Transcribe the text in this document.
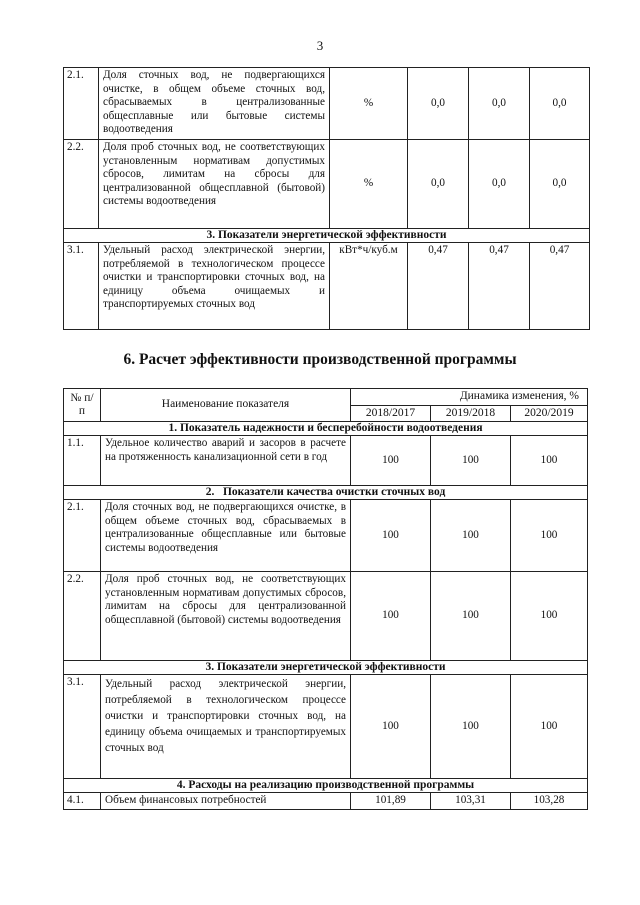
3
2.1.	Доля сточных вод, не подвергающихся очистке, в общем объеме сточных вод, сбрасываемых в централизованные общесплавные или бытовые системы водоотведения	%	0,0	0,0	0,0
2.2.	Доля проб сточных вод, не соответствующих установленным нормативам допустимых сбросов, лимитам на сбросы для централизованной общесплавной (бытовой) системы водоотведения	%	0,0	0,0	0,0
3. Показатели энергетической эффективности					
3.1.	Удельный расход электрической энергии, потребляемой в технологическом процессе очистки и транспортировки сточных вод, на единицу объема очищаемых и транспортируемых сточных вод	кВт*ч/куб.м	0,47	0,47	0,47
6. Расчет эффективности производственной программы
№ п/п	Наименование показателя	Динамика изменения, %		
		2018/2017	2019/2018	2020/2019
1. Показатель надежности и бесперебойности водоотведения				
1.1.	Удельное количество аварий и засоров в расчете на протяженность канализационной сети в год	100	100	100
2.   Показатели качества очистки сточных вод				
2.1.	Доля сточных вод, не подвергающихся очистке, в общем объеме сточных вод, сбрасываемых в централизованные общесплавные или бытовые системы водоотведения	100	100	100
2.2.	Доля проб сточных вод, не соответствующих установленным нормативам допустимых сбросов, лимитам на сбросы для централизованной общесплавной (бытовой) системы водоотведения	100	100	100
3. Показатели энергетической эффективности				
3.1.	Удельный расход электрической энергии, потребляемой в технологическом процессе очистки и транспортировки сточных вод, на единицу объема очищаемых и транспортируемых сточных вод	100	100	100
4. Расходы на реализацию производственной программы				
4.1.	Объем финансовых потребностей	101,89	103,31	103,28
